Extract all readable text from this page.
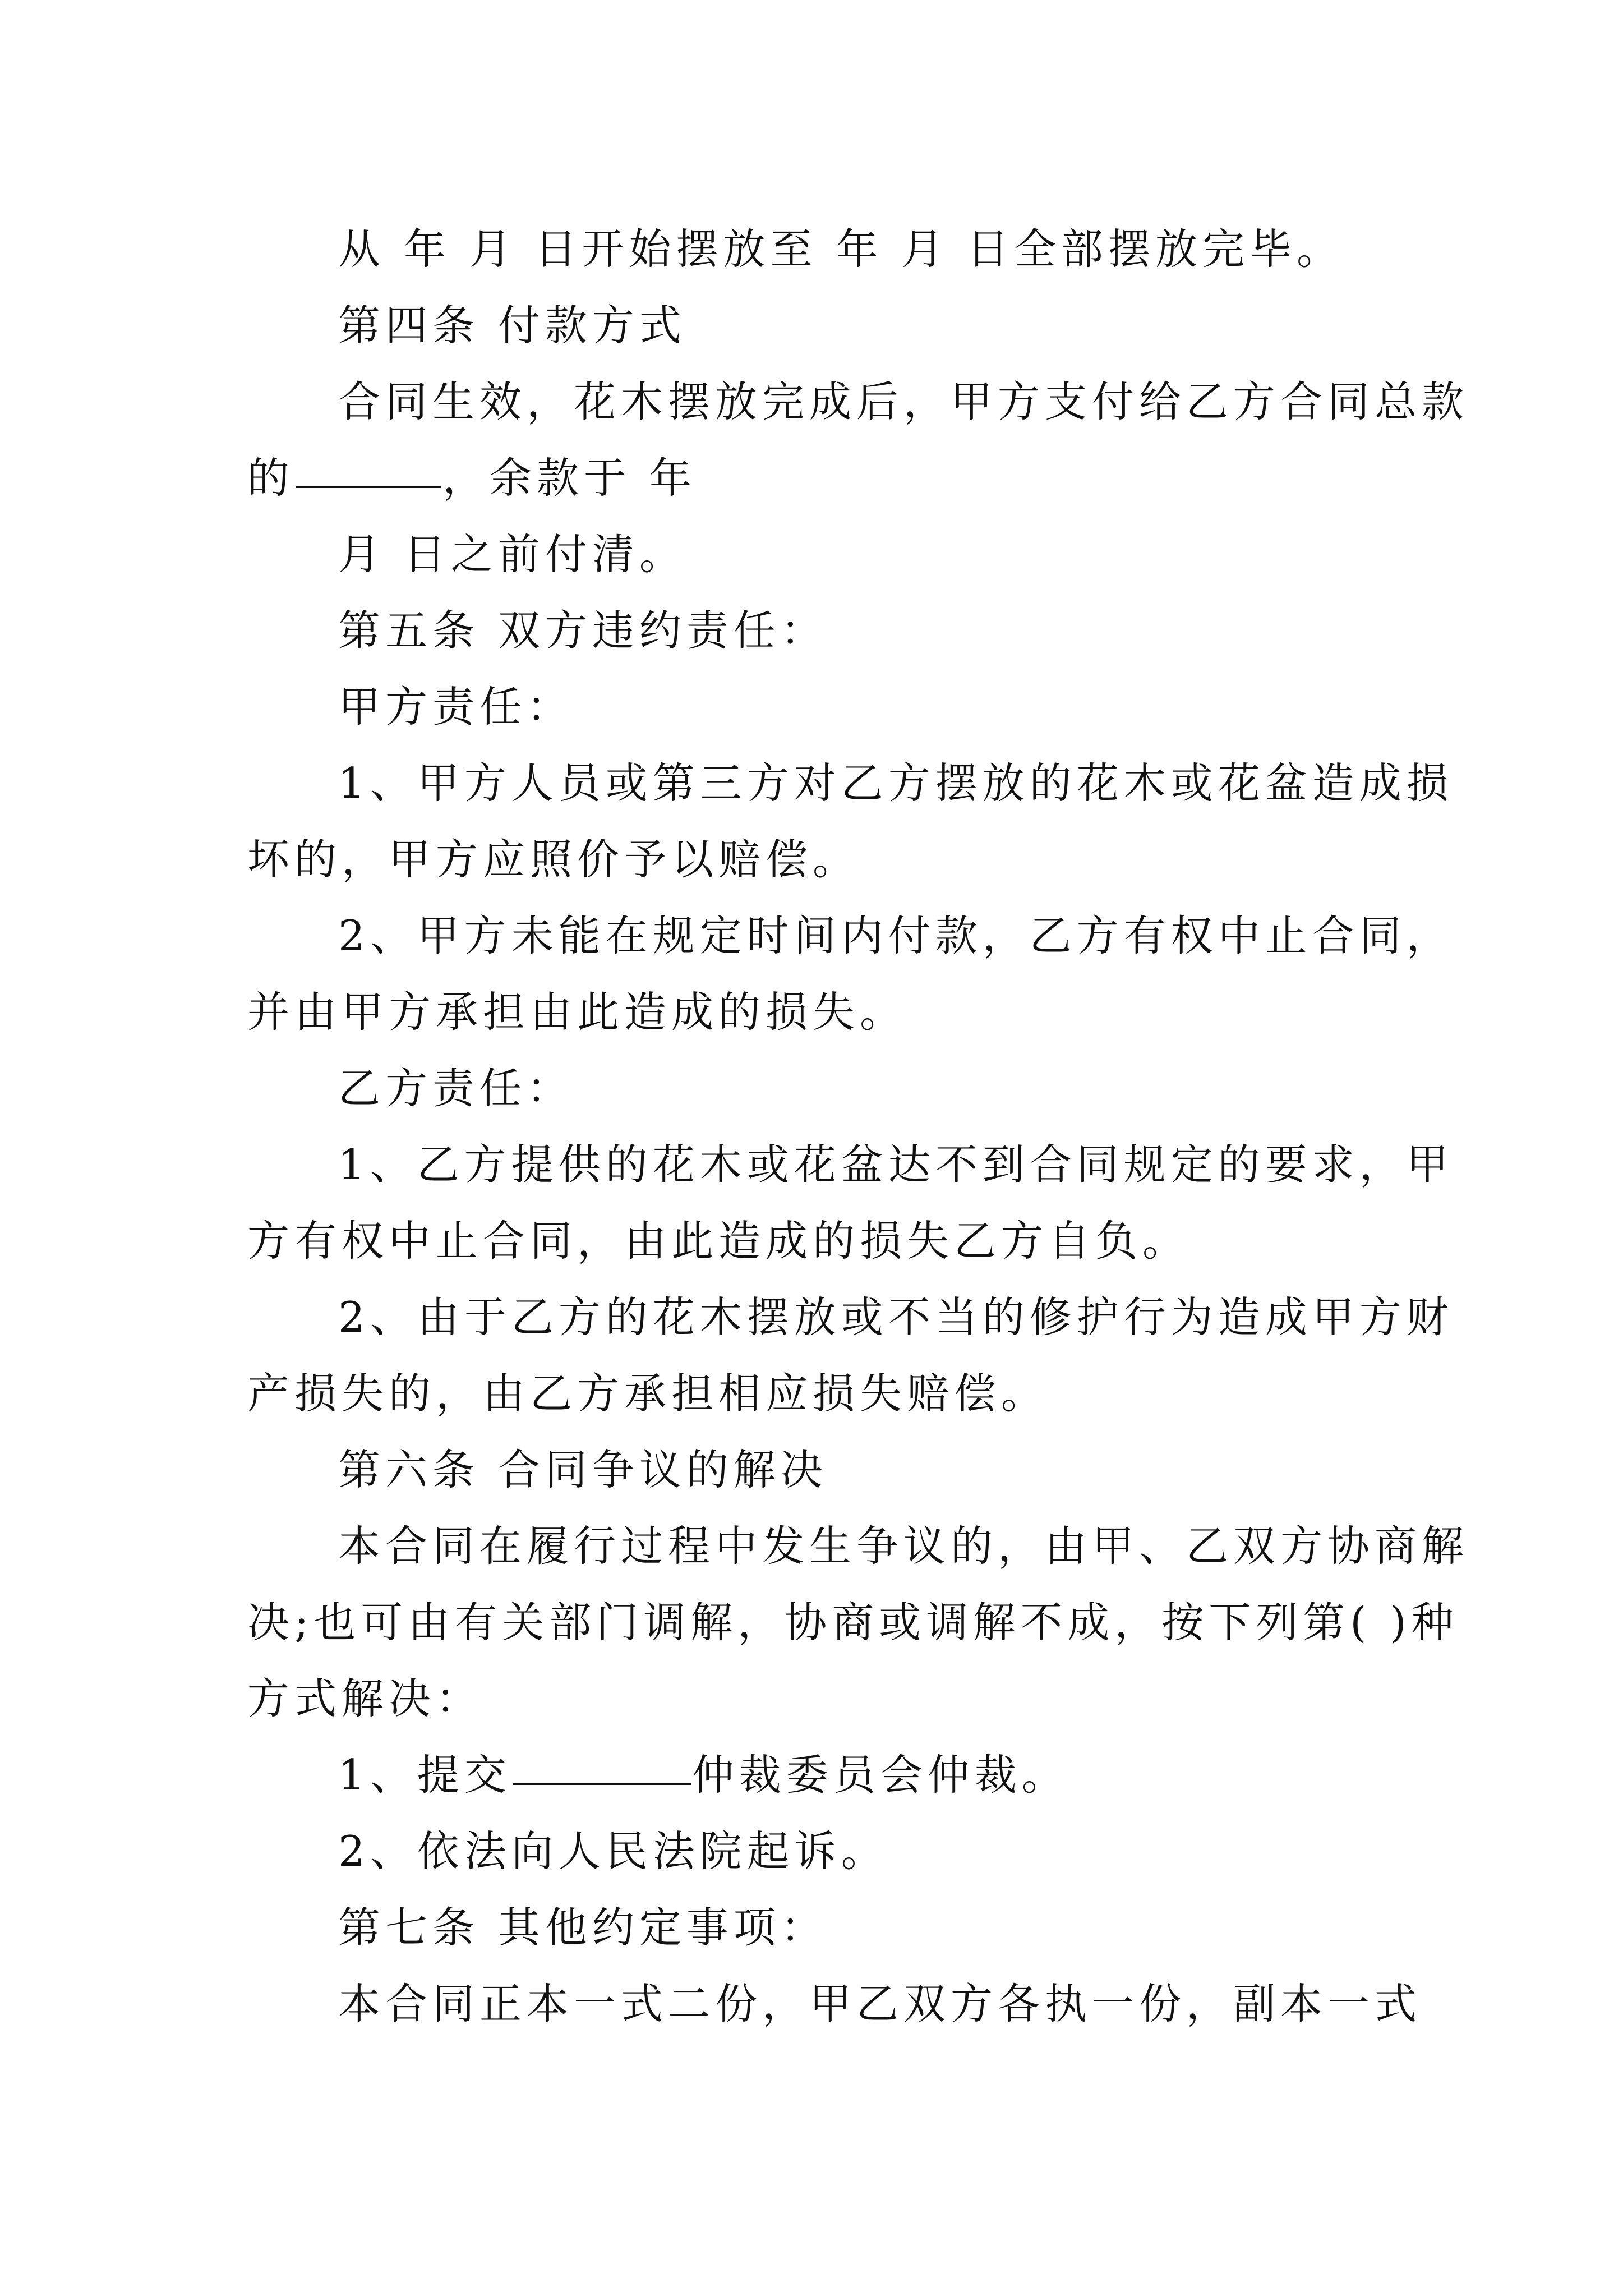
从 年 月 日开始摆放至 年 月 日全部摆放完毕。
第四条 付款方式
合同生效，花木摆放完成后，甲方支付给乙方合同总款
的	，余款于 年
月 日之前付清。
第五条 双方违约责任：
甲方责任：
1、甲方人员或第三方对乙方摆放的花木或花盆造成损
坏的，甲方应照价予以赔偿。
2、甲方未能在规定时间内付款，乙方有权中止合同，
并由甲方承担由此造成的损失。
乙方责任：
1、乙方提供的花木或花盆达不到合同规定的要求，甲
方有权中止合同，由此造成的损失乙方自负。
2、由于乙方的花木摆放或不当的修护行为造成甲方财
产损失的，由乙方承担相应损失赔偿。
第六条 合同争议的解决
本合同在履行过程中发生争议的，由甲、乙双方协商解
决;也可由有关部门调解，协商或调解不成，按下列第( )种
方式解决：
1、提交	仲裁委员会仲裁。
2、依法向人民法院起诉。
第七条 其他约定事项：
本合同正本一式二份，甲乙双方各执一份，副本一式
